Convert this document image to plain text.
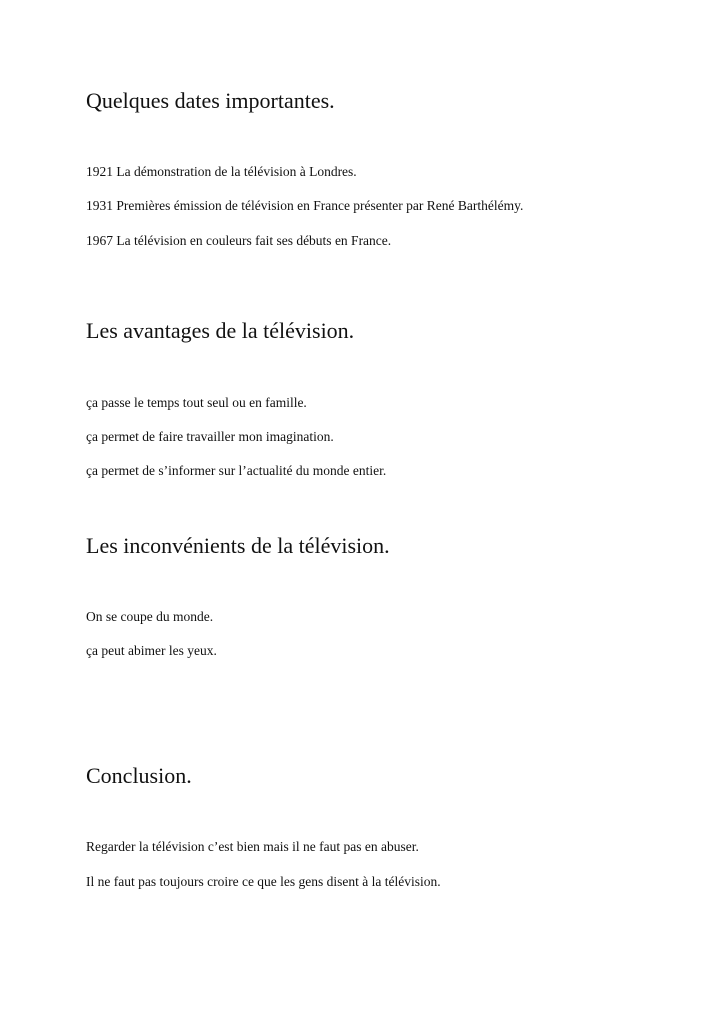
Quelques dates importantes.

1921 La démonstration de la télévision à Londres.

1931 Premières émission de télévision en France présenter par René Barthélémy.

1967 La télévision en couleurs fait ses débuts en France.

Les avantages de la télévision.

ça passe le temps tout seul ou en famille.

ça permet de faire travailler mon imagination.

ça permet de s’informer sur l’actualité du monde entier.

Les inconvénients de la télévision.

On se coupe du monde.

ça peut abimer les yeux.

Conclusion.

Regarder la télévision c’est bien mais il ne faut pas en abuser.

Il ne faut pas toujours croire ce que les gens disent à la télévision.
